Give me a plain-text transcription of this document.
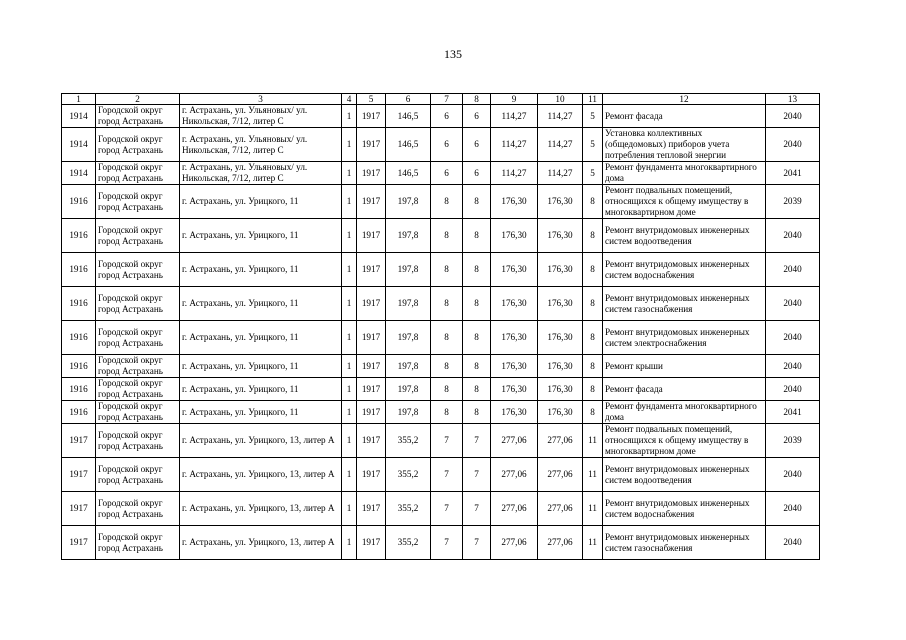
135
1	2	3	4	5	6	7	8	9	10	11	12	13
1914	Городской округ город Астрахань	г. Астрахань, ул. Ульяновых/ ул. Никольская, 7/12, литер С	1	1917	146,5	6	6	114,27	114,27	5	Ремонт фасада	2040
1914	Городской округ город Астрахань	г. Астрахань, ул. Ульяновых/ ул. Никольская, 7/12, литер С	1	1917	146,5	6	6	114,27	114,27	5	Установка коллективных (общедомовых) приборов учета потребления тепловой энергии	2040
1914	Городской округ город Астрахань	г. Астрахань, ул. Ульяновых/ ул. Никольская, 7/12, литер С	1	1917	146,5	6	6	114,27	114,27	5	Ремонт фундамента многоквартирного дома	2041
1916	Городской округ город Астрахань	г. Астрахань, ул. Урицкого, 11	1	1917	197,8	8	8	176,30	176,30	8	Ремонт подвальных помещений, относящихся к общему имуществу в многоквартирном доме	2039
1916	Городской округ город Астрахань	г. Астрахань, ул. Урицкого, 11	1	1917	197,8	8	8	176,30	176,30	8	Ремонт внутридомовых инженерных систем водоотведения	2040
1916	Городской округ город Астрахань	г. Астрахань, ул. Урицкого, 11	1	1917	197,8	8	8	176,30	176,30	8	Ремонт внутридомовых инженерных систем водоснабжения	2040
1916	Городской округ город Астрахань	г. Астрахань, ул. Урицкого, 11	1	1917	197,8	8	8	176,30	176,30	8	Ремонт внутридомовых инженерных систем газоснабжения	2040
1916	Городской округ город Астрахань	г. Астрахань, ул. Урицкого, 11	1	1917	197,8	8	8	176,30	176,30	8	Ремонт внутридомовых инженерных систем электроснабжения	2040
1916	Городской округ город Астрахань	г. Астрахань, ул. Урицкого, 11	1	1917	197,8	8	8	176,30	176,30	8	Ремонт крыши	2040
1916	Городской округ город Астрахань	г. Астрахань, ул. Урицкого, 11	1	1917	197,8	8	8	176,30	176,30	8	Ремонт фасада	2040
1916	Городской округ город Астрахань	г. Астрахань, ул. Урицкого, 11	1	1917	197,8	8	8	176,30	176,30	8	Ремонт фундамента многоквартирного дома	2041
1917	Городской округ город Астрахань	г. Астрахань, ул. Урицкого, 13, литер А	1	1917	355,2	7	7	277,06	277,06	11	Ремонт подвальных помещений, относящихся к общему имуществу в многоквартирном доме	2039
1917	Городской округ город Астрахань	г. Астрахань, ул. Урицкого, 13, литер А	1	1917	355,2	7	7	277,06	277,06	11	Ремонт внутридомовых инженерных систем водоотведения	2040
1917	Городской округ город Астрахань	г. Астрахань, ул. Урицкого, 13, литер А	1	1917	355,2	7	7	277,06	277,06	11	Ремонт внутридомовых инженерных систем водоснабжения	2040
1917	Городской округ город Астрахань	г. Астрахань, ул. Урицкого, 13, литер А	1	1917	355,2	7	7	277,06	277,06	11	Ремонт внутридомовых инженерных систем газоснабжения	2040
